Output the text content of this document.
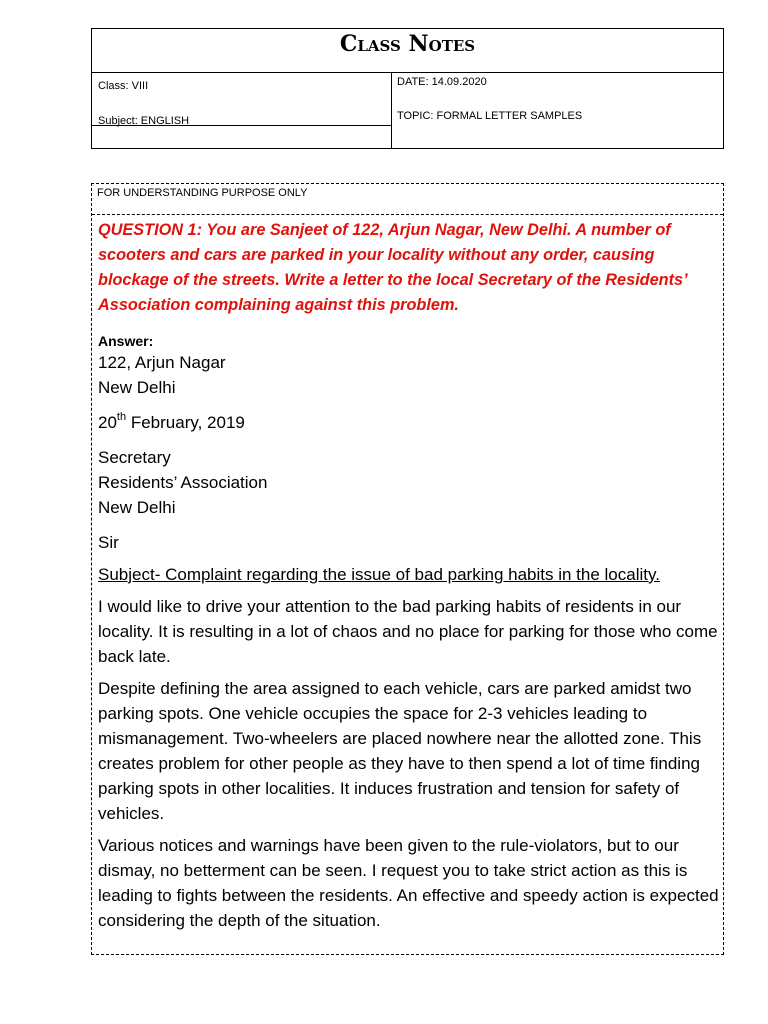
Class Notes
Class: VIII
Subject: ENGLISH
DATE: 14.09.2020
TOPIC: FORMAL LETTER SAMPLES
FOR UNDERSTANDING PURPOSE ONLY

QUESTION 1: You are Sanjeet of 122, Arjun Nagar, New Delhi. A number of scooters and cars are parked in your locality without any order, causing blockage of the streets. Write a letter to the local Secretary of the Residents’ Association complaining against this problem.

Answer:

122, Arjun Nagar

New Delhi

20th February, 2019

Secretary

Residents’ Association

New Delhi

Sir

Subject- Complaint regarding the issue of bad parking habits in the locality.

I would like to drive your attention to the bad parking habits of residents in our locality. It is resulting in a lot of chaos and no place for parking for those who come back late.

Despite defining the area assigned to each vehicle, cars are parked amidst two parking spots. One vehicle occupies the space for 2-3 vehicles leading to mismanagement. Two-wheelers are placed nowhere near the allotted zone. This creates problem for other people as they have to then spend a lot of time finding parking spots in other localities. It induces frustration and tension for safety of vehicles.

Various notices and warnings have been given to the rule-violators, but to our dismay, no betterment can be seen. I request you to take strict action as this is leading to fights between the residents. An effective and speedy action is expected considering the depth of the situation.
